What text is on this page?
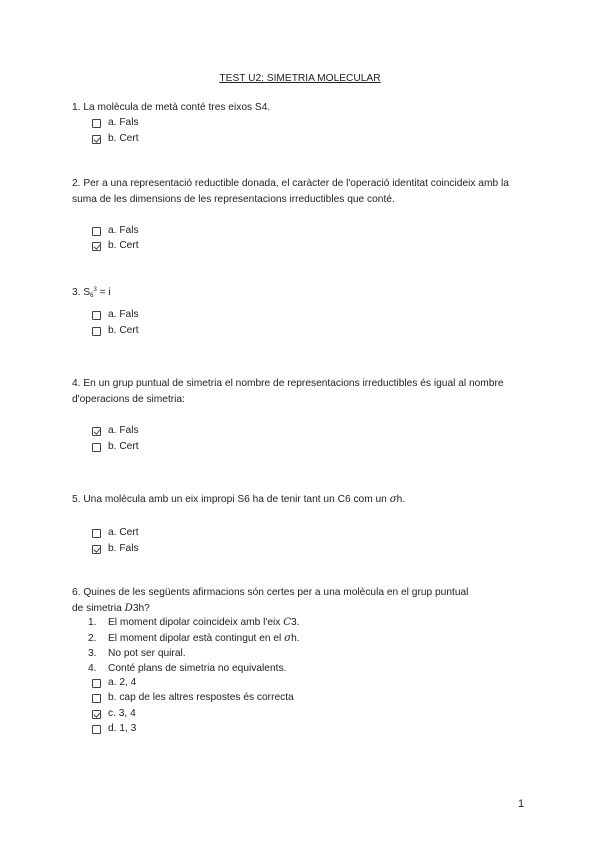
TEST U2: SIMETRIA MOLECULAR
1. La molècula de metà conté tres eixos S4.
a. Fals
b. Cert
2. Per a una representació reductible donada, el caràcter de l'operació identitat coincideix amb la suma de les dimensions de les representacions irreductibles que conté.
a. Fals
b. Cert
3. $S_6^3 = i$
a. Fals
b. Cert
4. En un grup puntual de simetria el nombre de representacions irreductibles és igual al nombre d'operacions de simetria:
a. Fals
b. Cert
5. Una molècula amb un eix impropi S6 ha de tenir tant un C6 com un σh.
a. Cert
b. Fals
6. Quines de les següents afirmacions són certes per a una molècula en el grup puntual
de simetria D3h?
1. El moment dipolar coincideix amb l'eix C3.
2. El moment dipolar està contingut en el σh.
3. No pot ser quiral.
4. Conté plans de simetria no equivalents.
a. 2, 4
b. cap de les altres respostes és correcta
c. 3, 4
d. 1, 3
1
